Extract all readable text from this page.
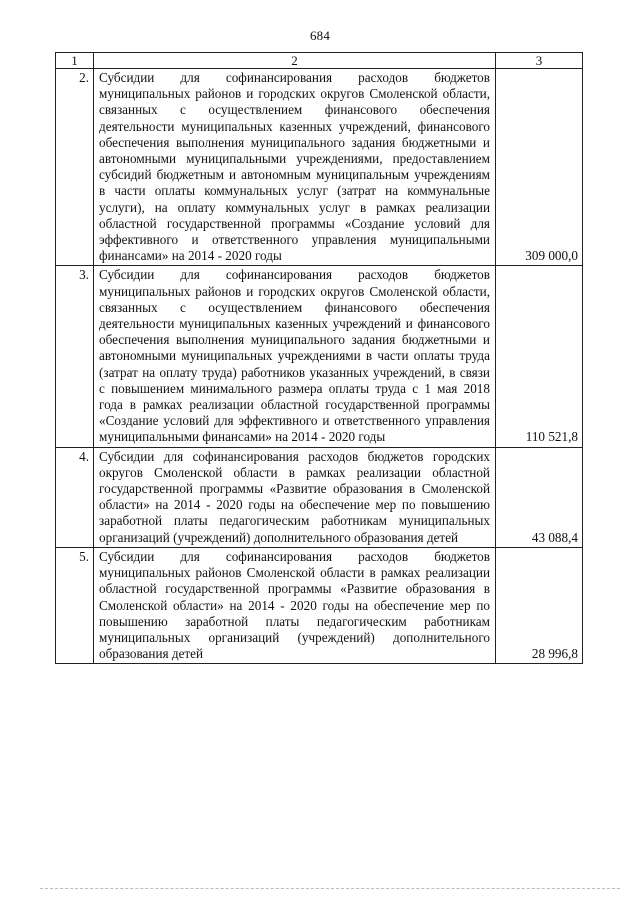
684
1	2	3
2.	Субсидии для софинансирования расходов бюджетов муниципальных районов и городских округов Смоленской области, связанных с осуществлением финансового обеспечения деятельности муниципальных казенных учреждений, финансового обеспечения выполнения муниципального задания бюджетными и автономными муниципальными учреждениями, предоставлением субсидий бюджетным и автономным муниципальным учреждениям в части оплаты коммунальных услуг (затрат на коммунальные услуги), на оплату коммунальных услуг в рамках реализации областной государственной программы «Создание условий для эффективного и ответственного управления муниципальными финансами» на 2014 - 2020 годы	309 000,0
3.	Субсидии для софинансирования расходов бюджетов муниципальных районов и городских округов Смоленской области, связанных с осуществлением финансового обеспечения деятельности муниципальных казенных учреждений и финансового обеспечения выполнения муниципального задания бюджетными и автономными муниципальных учреждениями в части оплаты труда (затрат на оплату труда) работников указанных учреждений, в связи с повышением минимального размера оплаты труда с 1 мая 2018 года в рамках реализации областной государственной программы «Создание условий для эффективного и ответственного управления муниципальными финансами» на 2014 - 2020 годы	110 521,8
4.	Субсидии для софинансирования расходов бюджетов городских округов Смоленской области в рамках реализации областной государственной программы «Развитие образования в Смоленской области» на 2014 - 2020 годы на обеспечение мер по повышению заработной платы педагогическим работникам муниципальных организаций (учреждений) дополнительного образования детей	43 088,4
5.	Субсидии для софинансирования расходов бюджетов муниципальных районов Смоленской области в рамках реализации областной государственной программы «Развитие образования в Смоленской области» на 2014 - 2020 годы на обеспечение мер по повышению заработной платы педагогическим работникам муниципальных организаций (учреждений) дополнительного образования детей	28 996,8
